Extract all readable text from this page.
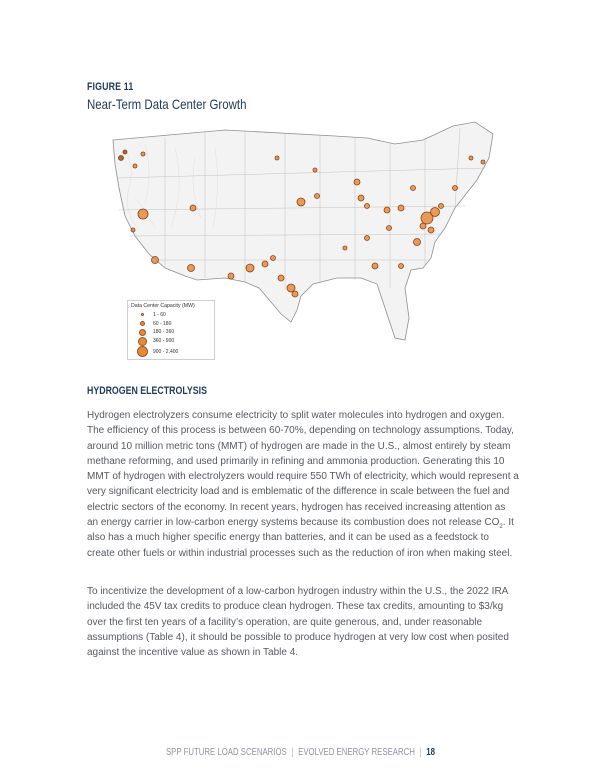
FIGURE 11
Near-Term Data Center Growth
Data Center Capacity (MW)
1 - 60
60 - 180
180 - 360
360 - 900
900 - 2,400
HYDROGEN ELECTROLYSIS

Hydrogen electrolyzers consume electricity to split water molecules into hydrogen and oxygen. The efficiency of this process is between 60-70%, depending on technology assumptions. Today, around 10 million metric tons (MMT) of hydrogen are made in the U.S., almost entirely by steam methane reforming, and used primarily in refining and ammonia production. Generating this 10 MMT of hydrogen with electrolyzers would require 550 TWh of electricity, which would represent a very significant electricity load and is emblematic of the difference in scale between the fuel and electric sectors of the economy. In recent years, hydrogen has received increasing attention as an energy carrier in low-carbon energy systems because its combustion does not release $CO_2$. It also has a much higher specific energy than batteries, and it can be used as a feedstock to create other fuels or within industrial processes such as the reduction of iron when making steel.

To incentivize the development of a low-carbon hydrogen industry within the U.S., the 2022 IRA included the 45V tax credits to produce clean hydrogen. These tax credits, amounting to $3/kg over the first ten years of a facility’s operation, are quite generous, and, under reasonable assumptions (Table 4), it should be possible to produce hydrogen at very low cost when posited against the incentive value as shown in Table 4.

SPP FUTURE LOAD SCENARIOS | EVOLVED ENERGY RESEARCH | 18
